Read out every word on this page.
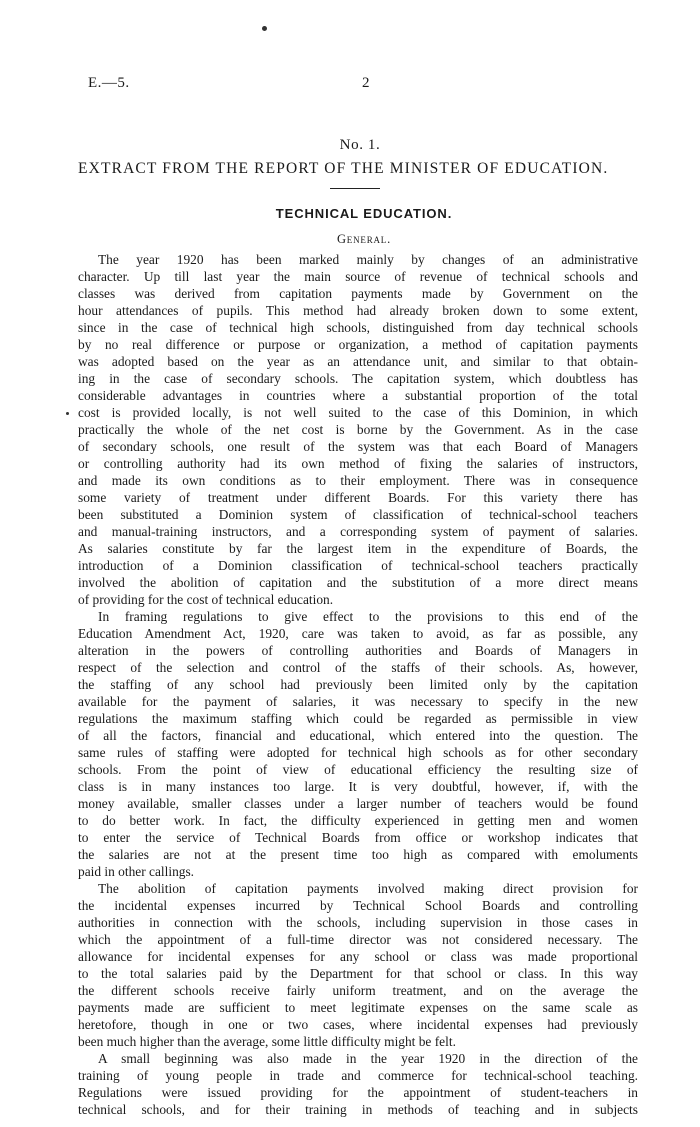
E.—5.	2
No. 1.
EXTRACT FROM THE REPORT OF THE MINISTER OF EDUCATION.
TECHNICAL EDUCATION.
General.
The year 1920 has been marked mainly by changes of an administrative
character. Up till last year the main source of revenue of technical schools and
classes was derived from capitation payments made by Government on the
hour attendances of pupils. This method had already broken down to some extent,
since in the case of technical high schools, distinguished from day technical schools
by no real difference or purpose or organization, a method of capitation payments
was adopted based on the year as an attendance unit, and similar to that obtain-
ing in the case of secondary schools. The capitation system, which doubtless has
considerable advantages in countries where a substantial proportion of the total
cost is provided locally, is not well suited to the case of this Dominion, in which
practically the whole of the net cost is borne by the Government. As in the case
of secondary schools, one result of the system was that each Board of Managers
or controlling authority had its own method of fixing the salaries of instructors,
and made its own conditions as to their employment. There was in consequence
some variety of treatment under different Boards. For this variety there has
been substituted a Dominion system of classification of technical-school teachers
and manual-training instructors, and a corresponding system of payment of salaries.
As salaries constitute by far the largest item in the expenditure of Boards, the
introduction of a Dominion classification of technical-school teachers practically
involved the abolition of capitation and the substitution of a more direct means
of providing for the cost of technical education.
In framing regulations to give effect to the provisions to this end of the
Education Amendment Act, 1920, care was taken to avoid, as far as possible, any
alteration in the powers of controlling authorities and Boards of Managers in
respect of the selection and control of the staffs of their schools. As, however,
the staffing of any school had previously been limited only by the capitation
available for the payment of salaries, it was necessary to specify in the new
regulations the maximum staffing which could be regarded as permissible in view
of all the factors, financial and educational, which entered into the question. The
same rules of staffing were adopted for technical high schools as for other secondary
schools. From the point of view of educational efficiency the resulting size of
class is in many instances too large. It is very doubtful, however, if, with the
money available, smaller classes under a larger number of teachers would be found
to do better work. In fact, the difficulty experienced in getting men and women
to enter the service of Technical Boards from office or workshop indicates that
the salaries are not at the present time too high as compared with emoluments
paid in other callings.
The abolition of capitation payments involved making direct provision for
the incidental expenses incurred by Technical School Boards and controlling
authorities in connection with the schools, including supervision in those cases in
which the appointment of a full-time director was not considered necessary. The
allowance for incidental expenses for any school or class was made proportional
to the total salaries paid by the Department for that school or class. In this way
the different schools receive fairly uniform treatment, and on the average the
payments made are sufficient to meet legitimate expenses on the same scale as
heretofore, though in one or two cases, where incidental expenses had previously
been much higher than the average, some little difficulty might be felt.
A small beginning was also made in the year 1920 in the direction of the
training of young people in trade and commerce for technical-school teaching.
Regulations were issued providing for the appointment of student-teachers in
technical schools, and for their training in methods of teaching and in subjects
